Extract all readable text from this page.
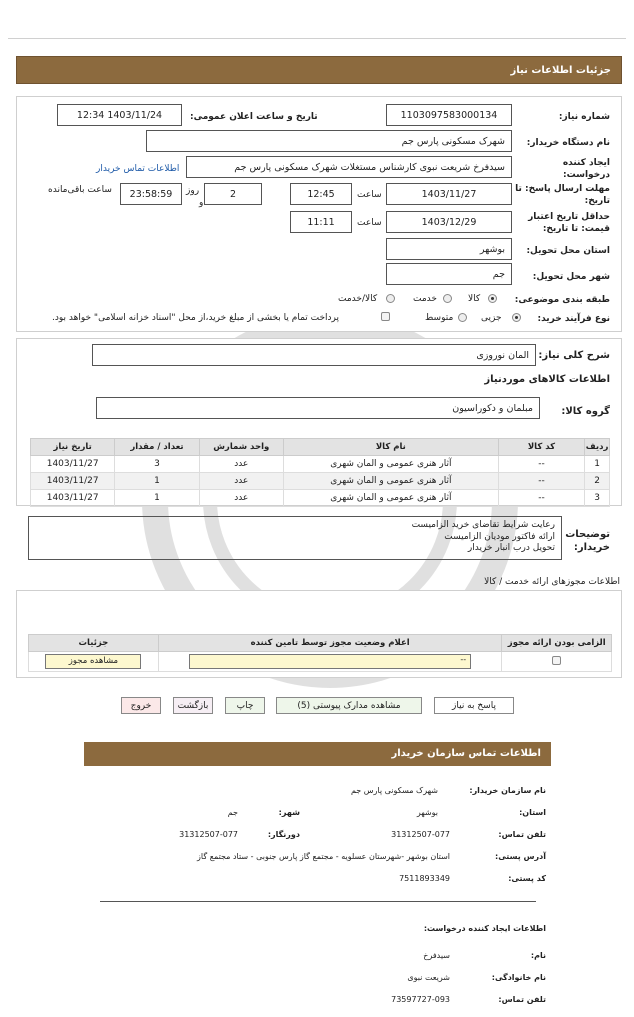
جزئیات اطلاعات نیاز
شماره نیاز:
1103097583000134
تاریخ و ساعت اعلان عمومی:
1403/11/24 12:34
نام دستگاه خریدار:
شهرک مسکونی پارس جم
ایجاد کننده
درخواست:
سیدفرخ شریعت نبوی کارشناس مستغلات شهرک مسکونی پارس جم
اطلاعات تماس خریدار
مهلت ارسال پاسخ: تا
تاریخ:
1403/11/27
ساعت
12:45
2
روز
و
23:58:59
ساعت باقی‌مانده
حداقل تاریخ اعتبار
قیمت: تا تاریخ:
1403/12/29
ساعت
11:11
استان محل تحویل:
بوشهر
شهر محل تحویل:
جم
طبقه بندی موضوعی:
کالا
خدمت
کالا/خدمت
نوع فرآیند خرید:
جزیی
متوسط
پرداخت تمام یا بخشی از مبلغ خرید،از محل "اسناد خزانه اسلامی" خواهد بود.
شرح کلی نیاز:
المان نوروزی
اطلاعات کالاهای موردنیاز
گروه کالا:
مبلمان و دکوراسیون
ردیف	کد کالا	نام کالا	واحد شمارش	تعداد / مقدار	تاریخ نیاز
1	--	آثار هنری عمومی و المان شهری	عدد	3	1403/11/27
2	--	آثار هنری عمومی و المان شهری	عدد	1	1403/11/27
3	--	آثار هنری عمومی و المان شهری	عدد	1	1403/11/27
توضیحات
خریدار:
رعایت شرایط تقاضای خرید الزامیست
ارائه فاکتور مودیان الزامیست
تحویل درب انبار خریدار
اطلاعات مجوزهای ارائه خدمت / کالا
الزامی بودن ارائه مجوز	اعلام وضعیت مجوز توسط تامین کننده	جزئیات

	--	مشاهده مجوز
پاسخ به نیاز
مشاهده مدارک پیوستی (5)
چاپ
بازگشت
خروج
اطلاعات تماس سازمان خریدار
نام سازمان خریدار:
شهرک مسکونی پارس جم
استان:
بوشهر
شهر:
جم
تلفن تماس:
31312507-077
دورنگار:
31312507-077
آدرس پستی:
استان بوشهر -شهرستان عسلویه - مجتمع گاز پارس جنوبی - ستاد مجتمع گاز
کد پستی:
7511893349
اطلاعات ایجاد کننده درخواست:
نام:
سیدفرخ
نام خانوادگی:
شریعت نبوی
تلفن تماس:
73597727-093
